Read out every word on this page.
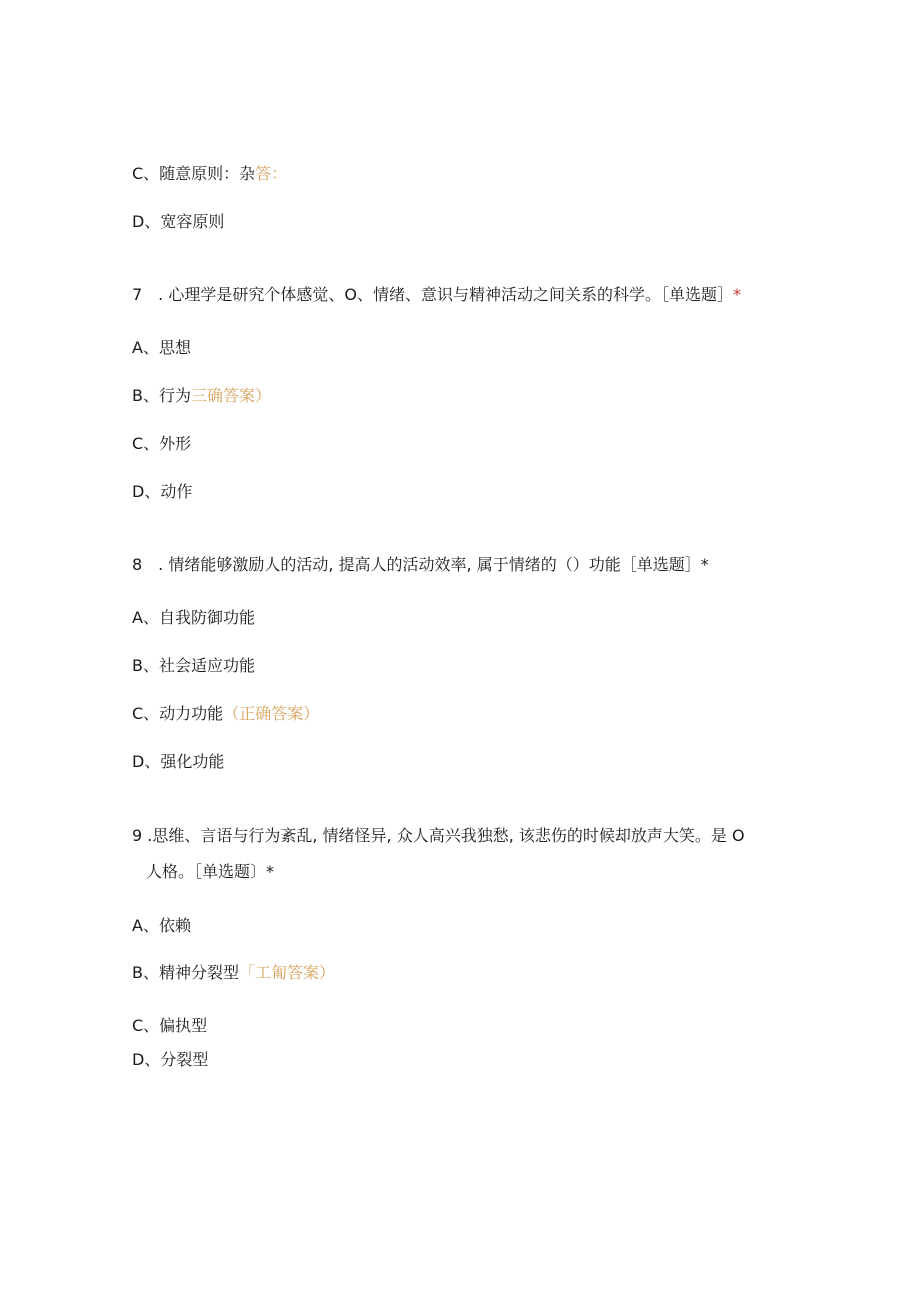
C、随意原则：杂答：
D、宽容原则
7　. 心理学是研究个体感觉、O、情绪、意识与精神活动之间关系的科学。［单选题］*
A、思想
B、行为三确答案）
C、外形
D、动作
8　. 情绪能够激励人的活动, 提高人的活动效率, 属于情绪的（）功能［单选题］*
A、自我防御功能
B、社会适应功能
C、动力功能（正确答案）
D、强化功能
9 .思维、言语与行为紊乱, 情绪怪异, 众人高兴我独愁, 该悲伤的时候却放声大笑。是 O
人格。［单选题〕*
A、依赖
B、精神分裂型「工匍答案）
C、偏执型
D、分裂型
